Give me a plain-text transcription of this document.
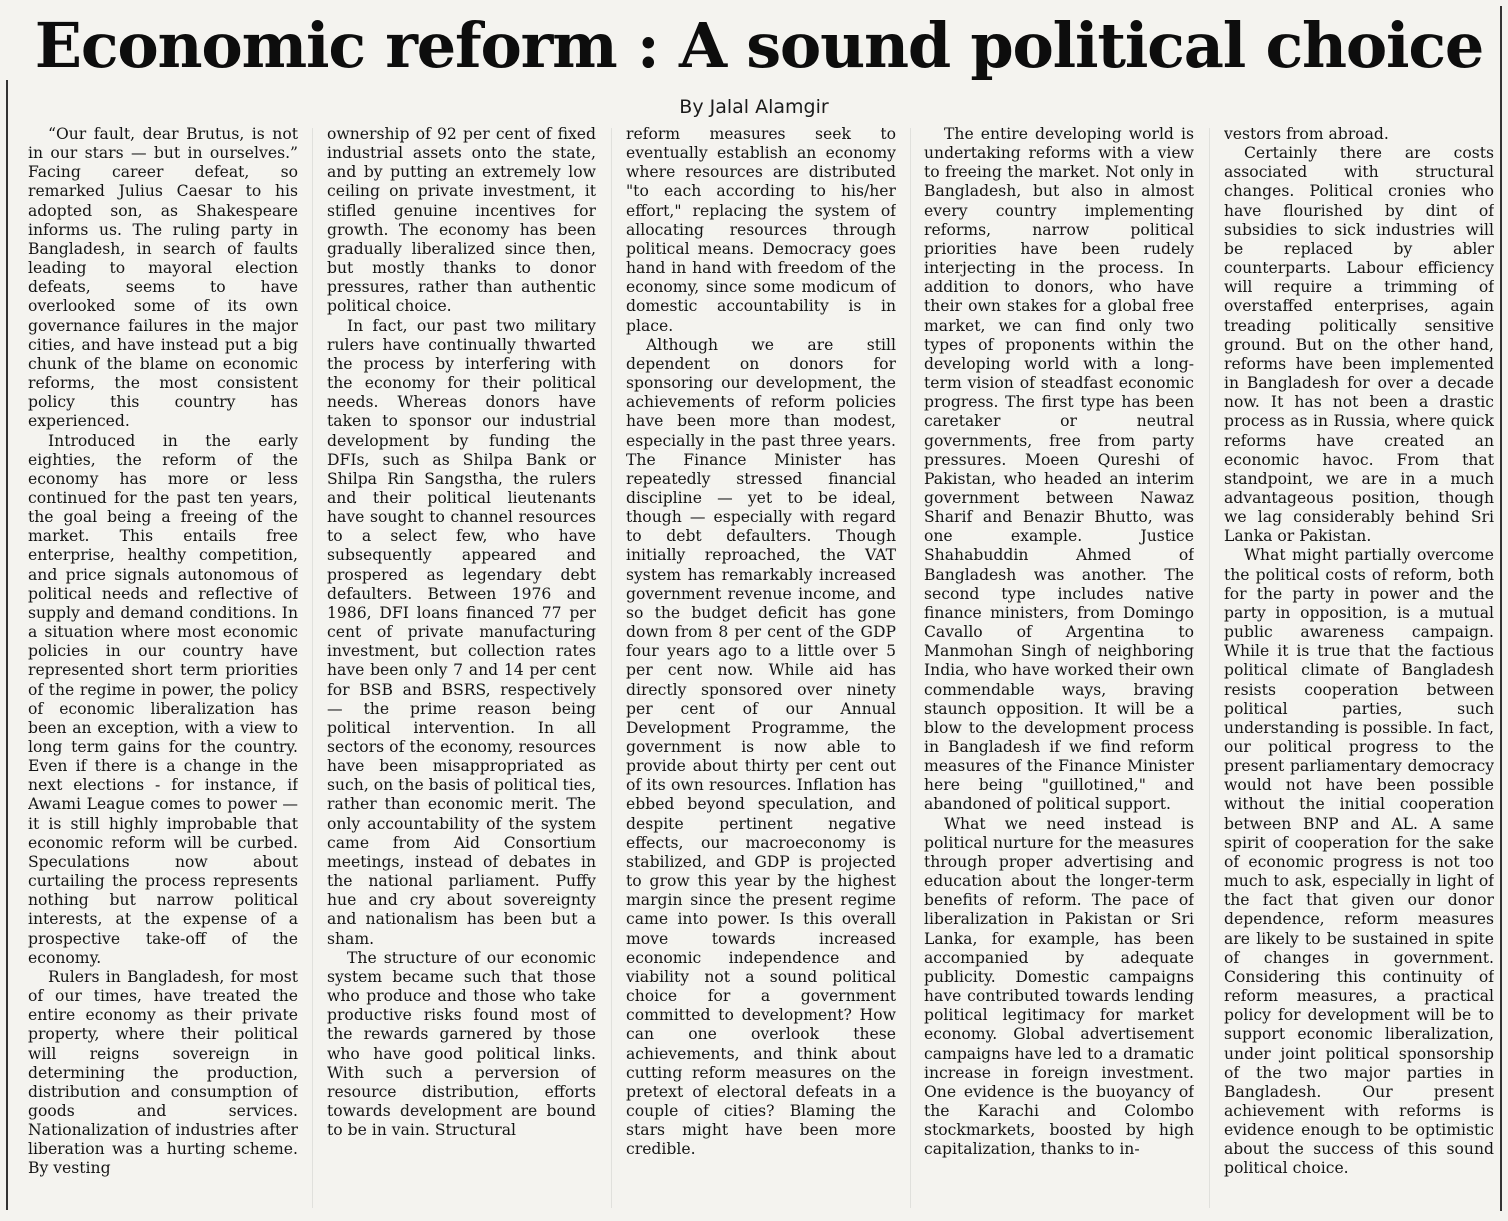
Economic reform : A sound political choice
By Jalal Alamgir

“Our fault, dear Brutus, is not in our stars — but in ourselves.” Facing career defeat, so remarked Julius Caesar to his adopted son, as Shakespeare informs us. The ruling party in Bangladesh, in search of faults leading to mayoral election defeats, seems to have overlooked some of its own governance failures in the major cities, and have instead put a big chunk of the blame on economic reforms, the most consistent policy this country has experienced.

Introduced in the early eighties, the reform of the economy has more or less continued for the past ten years, the goal being a freeing of the market. This entails free enterprise, healthy competition, and price signals autonomous of political needs and reflective of supply and demand conditions. In a situation where most economic policies in our country have represented short term priorities of the regime in power, the policy of economic liberalization has been an exception, with a view to long term gains for the country. Even if there is a change in the next elections - for instance, if Awami League comes to power — it is still highly improbable that economic reform will be curbed. Speculations now about curtailing the process represents nothing but narrow political interests, at the expense of a prospective take-off of the economy.

Rulers in Bangladesh, for most of our times, have treated the entire economy as their private property, where their political will reigns sovereign in determining the production, distribution and consumption of goods and services. Nationalization of industries after liberation was a hurting scheme. By vesting

ownership of 92 per cent of fixed industrial assets onto the state, and by putting an extremely low ceiling on private investment, it stifled genuine incentives for growth. The economy has been gradually liberalized since then, but mostly thanks to donor pressures, rather than authentic political choice.

In fact, our past two military rulers have continually thwarted the process by interfering with the economy for their political needs. Whereas donors have taken to sponsor our industrial development by funding the DFIs, such as Shilpa Bank or Shilpa Rin Sangstha, the rulers and their political lieutenants have sought to channel resources to a select few, who have subsequently appeared and prospered as legendary debt defaulters. Between 1976 and 1986, DFI loans financed 77 per cent of private manufacturing investment, but collection rates have been only 7 and 14 per cent for BSB and BSRS, respectively — the prime reason being political intervention. In all sectors of the economy, resources have been misappropriated as such, on the basis of political ties, rather than economic merit. The only accountability of the system came from Aid Consortium meetings, instead of debates in the national parliament. Puffy hue and cry about sovereignty and nationalism has been but a sham.

The structure of our economic system became such that those who produce and those who take productive risks found most of the rewards garnered by those who have good political links. With such a perversion of resource distribution, efforts towards development are bound to be in vain. Structural

reform measures seek to eventually establish an economy where resources are distributed "to each according to his/her effort," replacing the system of allocating resources through political means. Democracy goes hand in hand with freedom of the economy, since some modicum of domestic accountability is in place.

Although we are still dependent on donors for sponsoring our development, the achievements of reform policies have been more than modest, especially in the past three years. The Finance Minister has repeatedly stressed financial discipline — yet to be ideal, though — especially with regard to debt defaulters. Though initially reproached, the VAT system has remarkably increased government revenue income, and so the budget deficit has gone down from 8 per cent of the GDP four years ago to a little over 5 per cent now. While aid has directly sponsored over ninety per cent of our Annual Development Programme, the government is now able to provide about thirty per cent out of its own resources. Inflation has ebbed beyond speculation, and despite pertinent negative effects, our macroeconomy is stabilized, and GDP is projected to grow this year by the highest margin since the present regime came into power. Is this overall move towards increased economic independence and viability not a sound political choice for a government committed to development? How can one overlook these achievements, and think about cutting reform measures on the pretext of electoral defeats in a couple of cities? Blaming the stars might have been more credible.

The entire developing world is undertaking reforms with a view to freeing the market. Not only in Bangladesh, but also in almost every country implementing reforms, narrow political priorities have been rudely interjecting in the process. In addition to donors, who have their own stakes for a global free market, we can find only two types of proponents within the developing world with a long-term vision of steadfast economic progress. The first type has been caretaker or neutral governments, free from party pressures. Moeen Qureshi of Pakistan, who headed an interim government between Nawaz Sharif and Benazir Bhutto, was one example. Justice Shahabuddin Ahmed of Bangladesh was another. The second type includes native finance ministers, from Domingo Cavallo of Argentina to Manmohan Singh of neighboring India, who have worked their own commendable ways, braving staunch opposition. It will be a blow to the development process in Bangladesh if we find reform measures of the Finance Minister here being "guillotined," and abandoned of political support.

What we need instead is political nurture for the measures through proper advertising and education about the longer-term benefits of reform. The pace of liberalization in Pakistan or Sri Lanka, for example, has been accompanied by adequate publicity. Domestic campaigns have contributed towards lending political legitimacy for market economy. Global advertisement campaigns have led to a dramatic increase in foreign investment. One evidence is the buoyancy of the Karachi and Colombo stockmarkets, boosted by high capitalization, thanks to in-

vestors from abroad.

Certainly there are costs associated with structural changes. Political cronies who have flourished by dint of subsidies to sick industries will be replaced by abler counterparts. Labour efficiency will require a trimming of overstaffed enterprises, again treading politically sensitive ground. But on the other hand, reforms have been implemented in Bangladesh for over a decade now. It has not been a drastic process as in Russia, where quick reforms have created an economic havoc. From that standpoint, we are in a much advantageous position, though we lag considerably behind Sri Lanka or Pakistan.

What might partially overcome the political costs of reform, both for the party in power and the party in opposition, is a mutual public awareness campaign. While it is true that the factious political climate of Bangladesh resists cooperation between political parties, such understanding is possible. In fact, our political progress to the present parliamentary democracy would not have been possible without the initial cooperation between BNP and AL. A same spirit of cooperation for the sake of economic progress is not too much to ask, especially in light of the fact that given our donor dependence, reform measures are likely to be sustained in spite of changes in government. Considering this continuity of reform measures, a practical policy for development will be to support economic liberalization, under joint political sponsorship of the two major parties in Bangladesh. Our present achievement with reforms is evidence enough to be optimistic about the success of this sound political choice.
